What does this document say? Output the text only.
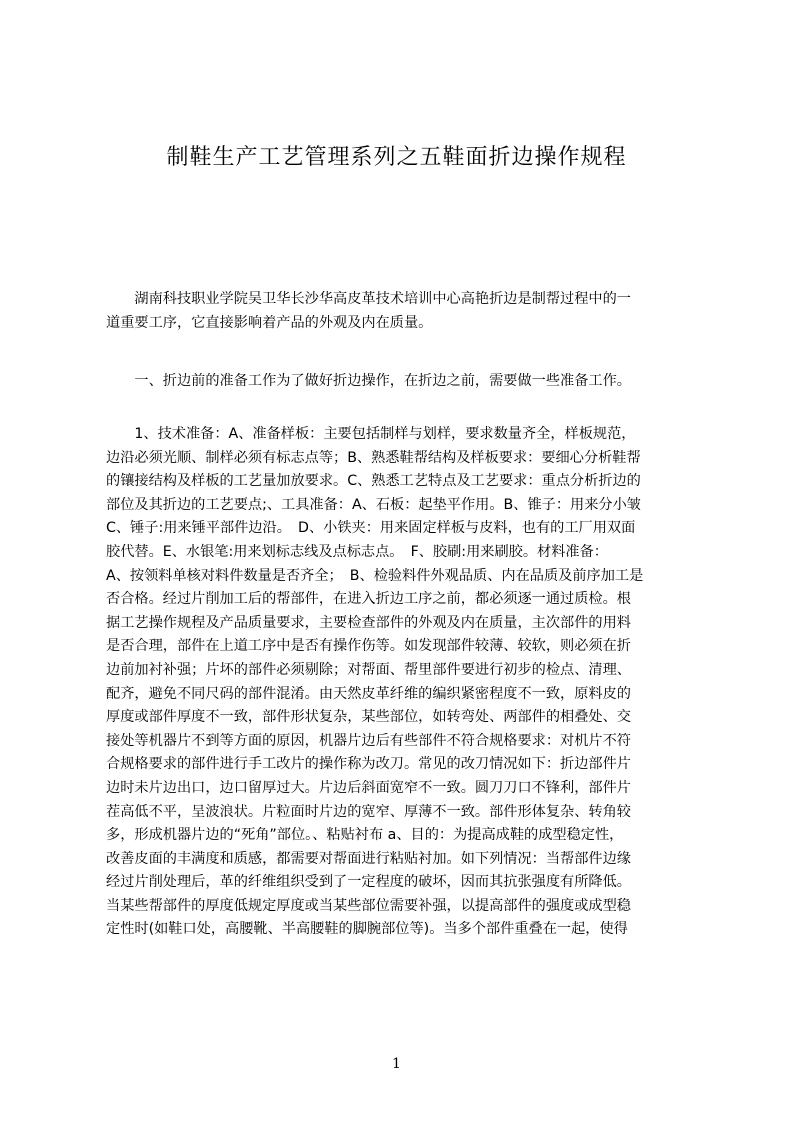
制鞋生产工艺管理系列之五鞋面折边操作规程
　　湖南科技职业学院吴卫华长沙华高皮革技术培训中心高艳折边是制帮过程中的一
道重要工序，它直接影响着产品的外观及内在质量。
　　一、折边前的准备工作为了做好折边操作，在折边之前，需要做一些准备工作。
　　1、技术准备：A、准备样板：主要包括制样与划样，要求数量齐全，样板规范，
边沿必须光顺、制样必须有标志点等；B、熟悉鞋帮结构及样板要求：要细心分析鞋帮
的镶接结构及样板的工艺量加放要求。C、熟悉工艺特点及工艺要求：重点分析折边的
部位及其折边的工艺要点;、工具准备：A、石板：起垫平作用。B、锥子：用来分小皱
C、锤子:用来锤平部件边沿。　D、小铁夹：用来固定样板与皮料，也有的工厂用双面
胶代替。E、水银笔:用来划标志线及点标志点。　F、胶刷:用来刷胶。材料准备：
A、按领料单核对料件数量是否齐全；　B、检验料件外观品质、内在品质及前序加工是
否合格。经过片削加工后的帮部件，在进入折边工序之前，都必须逐一通过质检。根
据工艺操作规程及产品质量要求，主要检查部件的外观及内在质量，主次部件的用料
是否合理，部件在上道工序中是否有操作伤等。如发现部件较薄、较软，则必须在折
边前加衬补强；片坏的部件必须剔除；对帮面、帮里部件要进行初步的检点、清理、
配齐，避免不同尺码的部件混淆。由天然皮革纤维的编织紧密程度不一致，原料皮的
厚度或部件厚度不一致，部件形状复杂，某些部位，如转弯处、两部件的相叠处、交
接处等机器片不到等方面的原因，机器片边后有些部件不符合规格要求：对机片不符
合规格要求的部件进行手工改片的操作称为改刀。常见的改刀情况如下：折边部件片
边时未片边出口，边口留厚过大。片边后斜面宽窄不一致。圆刀刀口不锋利，部件片
茬高低不平，呈波浪状。片粒面时片边的宽窄、厚薄不一致。部件形体复杂、转角较
多，形成机器片边的“死角”部位。、粘贴衬布 a、目的：为提高成鞋的成型稳定性，
改善皮面的丰满度和质感，都需要对帮面进行粘贴衬加。如下列情况：当帮部件边缘
经过片削处理后，革的纤维组织受到了一定程度的破坏，因而其抗张强度有所降低。
当某些帮部件的厚度低规定厚度或当某些部位需要补强，以提高部件的强度或成型稳
定性时(如鞋口处，高腰靴、半高腰鞋的脚腕部位等)。当多个部件重叠在一起，使得
1
